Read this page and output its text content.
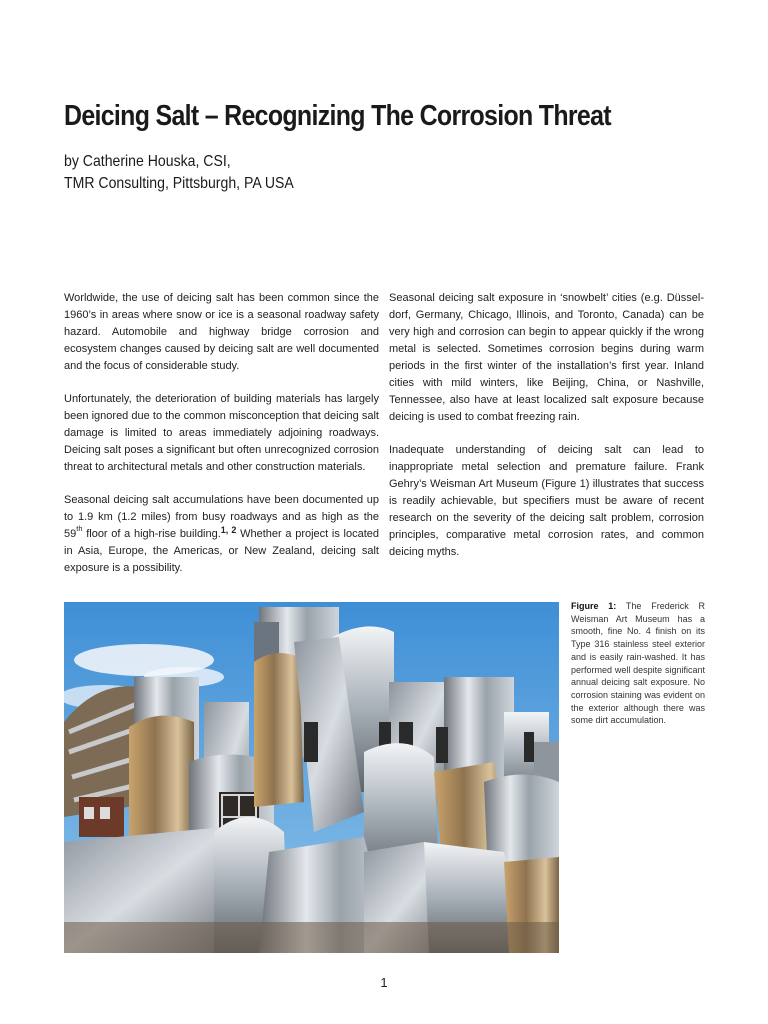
Deicing Salt – Recognizing The Corrosion Threat
by Catherine Houska, CSI,
TMR Consulting, Pittsburgh, PA USA

Worldwide, the use of deicing salt has been common since the 1960’s in areas where snow or ice is a seasonal roadway safety hazard. Automobile and highway bridge corrosion and ecosystem changes caused by deicing salt are well documented and the focus of considerable study.

Unfortunately, the deterioration of building materials has largely been ignored due to the common misconception that deicing salt damage is limited to areas immediately adjoining roadways. Deicing salt poses a significant but often unrecognized corrosion threat to architectural metals and other construction materials.

Seasonal deicing salt accumulations have been documented up to 1.9 km (1.2 miles) from busy roadways and as high as the 59th floor of a high-rise building.$^{1, 2}$ Whether a project is located in Asia, Europe, the Americas, or New Zealand, deicing salt exposure is a possibility.

Seasonal deicing salt exposure in ‘snowbelt’ cities (e.g. Düssel-dorf, Germany, Chicago, Illinois, and Toronto, Canada) can be very high and corrosion can begin to appear quickly if the wrong metal is selected. Sometimes corrosion begins during warm periods in the first winter of the installation’s first year. Inland cities with mild winters, like Beijing, China, or Nashville, Tennessee, also have at least localized salt exposure because deicing is used to combat freezing rain.

Inadequate understanding of deicing salt can lead to inappropriate metal selection and premature failure. Frank Gehry’s Weisman Art Museum (Figure 1) illustrates that success is readily achievable, but specifiers must be aware of recent research on the severity of the deicing salt problem, corrosion principles, comparative metal corrosion rates, and common deicing myths.

Figure 1: The Frederick R Weisman Art Museum has a smooth, fine No. 4 finish on its Type 316 stainless steel exterior and is easily rain-washed. It has performed well despite significant annual deicing salt exposure. No corrosion staining was evident on the exterior although there was some dirt accumulation.
1
